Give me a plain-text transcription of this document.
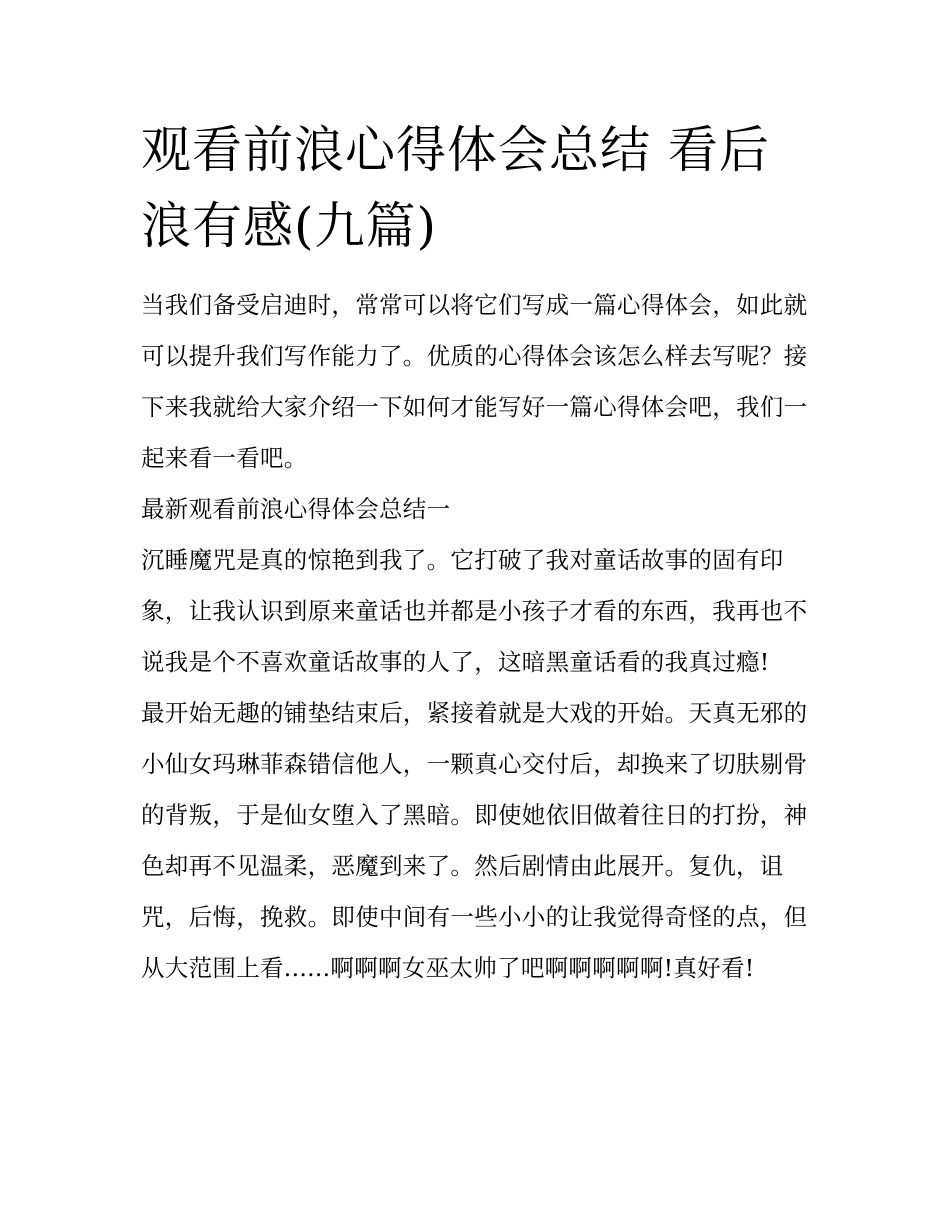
观看前浪心得体会总结 看后浪有感(九篇)

当我们备受启迪时，常常可以将它们写成一篇心得体会，如此就可以提升我们写作能力了。优质的心得体会该怎么样去写呢？接下来我就给大家介绍一下如何才能写好一篇心得体会吧，我们一起来看一看吧。

最新观看前浪心得体会总结一

沉睡魔咒是真的惊艳到我了。它打破了我对童话故事的固有印象，让我认识到原来童话也并都是小孩子才看的东西，我再也不说我是个不喜欢童话故事的人了，这暗黑童话看的我真过瘾!

最开始无趣的铺垫结束后，紧接着就是大戏的开始。天真无邪的小仙女玛琳菲森错信他人，一颗真心交付后，却换来了切肤剔骨的背叛，于是仙女堕入了黑暗。即使她依旧做着往日的打扮，神色却再不见温柔，恶魔到来了。然后剧情由此展开。复仇，诅咒，后悔，挽救。即使中间有一些小小的让我觉得奇怪的点，但从大范围上看......啊啊啊女巫太帅了吧啊啊啊啊啊!真好看!
